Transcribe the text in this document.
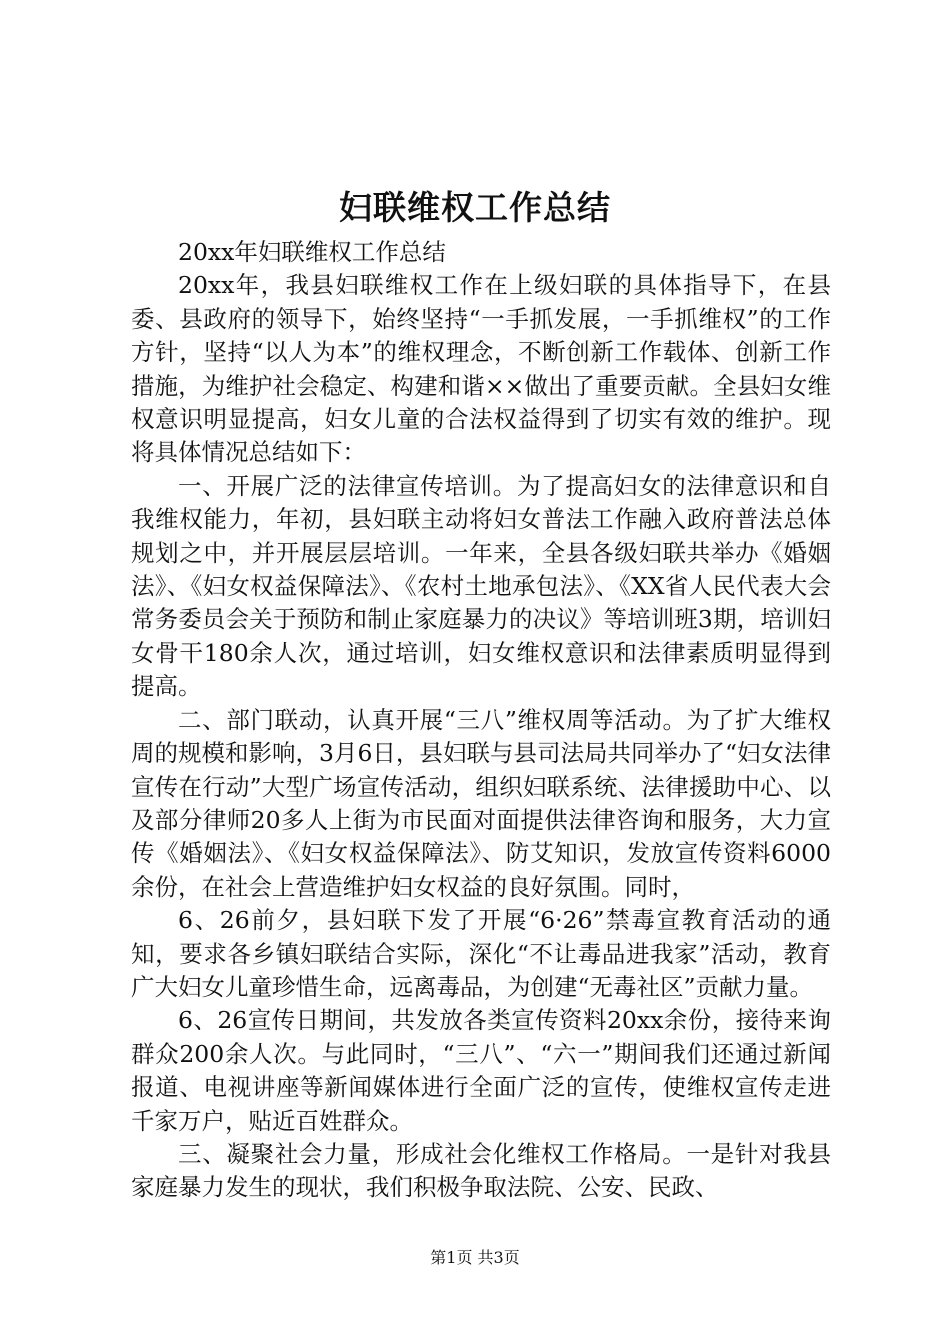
妇联维权工作总结

20xx年妇联维权工作总结

20xx年，我县妇联维权工作在上级妇联的具体指导下，在县委、县政府的领导下，始终坚持“一手抓发展，一手抓维权”的工作方针，坚持“以人为本”的维权理念，不断创新工作载体、创新工作措施，为维护社会稳定、构建和谐××做出了重要贡献。全县妇女维权意识明显提高，妇女儿童的合法权益得到了切实有效的维护。现将具体情况总结如下：

一、开展广泛的法律宣传培训。为了提高妇女的法律意识和自我维权能力，年初，县妇联主动将妇女普法工作融入政府普法总体规划之中，并开展层层培训。一年来，全县各级妇联共举办《婚姻法》、《妇女权益保障法》、《农村土地承包法》、《XX省人民代表大会常务委员会关于预防和制止家庭暴力的决议》等培训班3期，培训妇女骨干180余人次，通过培训，妇女维权意识和法律素质明显得到提高。

二、部门联动，认真开展“三八”维权周等活动。为了扩大维权周的规模和影响，3月6日，县妇联与县司法局共同举办了“妇女法律宣传在行动”大型广场宣传活动，组织妇联系统、法律援助中心、以及部分律师20多人上街为市民面对面提供法律咨询和服务，大力宣传《婚姻法》、《妇女权益保障法》、防艾知识，发放宣传资料6000余份，在社会上营造维护妇女权益的良好氛围。同时，

6、26前夕，县妇联下发了开展“6·26”禁毒宣教育活动的通知，要求各乡镇妇联结合实际，深化“不让毒品进我家”活动，教育广大妇女儿童珍惜生命，远离毒品，为创建“无毒社区”贡献力量。

6、26宣传日期间，共发放各类宣传资料20xx余份，接待来询群众200余人次。与此同时，“三八”、“六一”期间我们还通过新闻报道、电视讲座等新闻媒体进行全面广泛的宣传，使维权宣传走进千家万户，贴近百姓群众。

三、凝聚社会力量，形成社会化维权工作格局。一是针对我县家庭暴力发生的现状，我们积极争取法院、公安、民政、

第1页 共3页
